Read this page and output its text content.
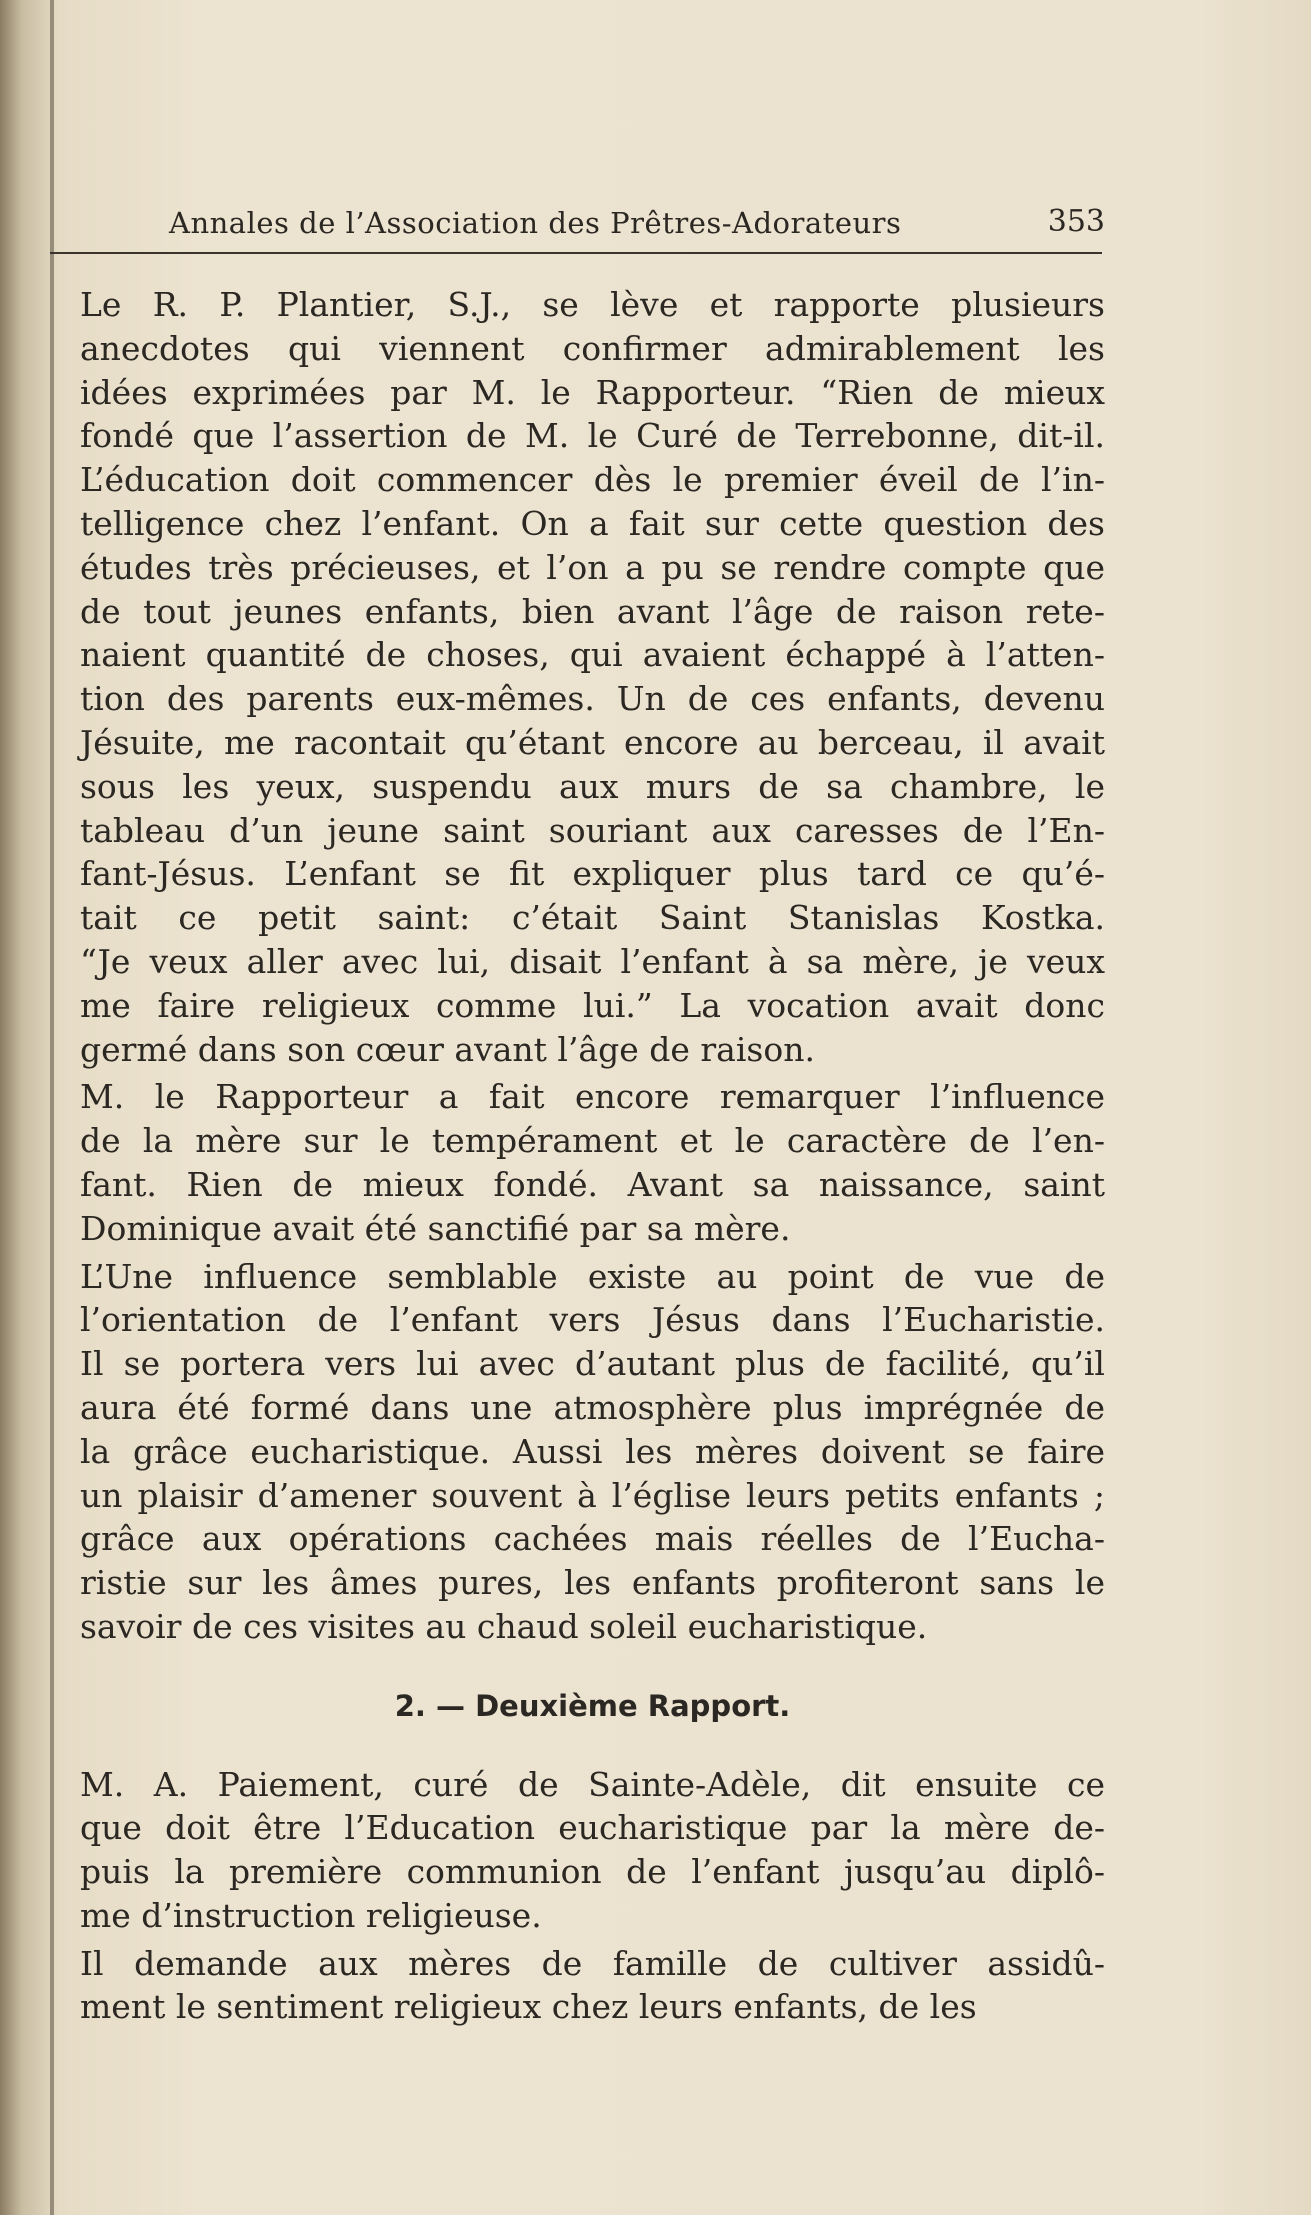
Annales de l’Association des Prêtres-Adorateurs	353
Le R. P. Plantier, S.J., se lève et rapporte plusieurs
anecdotes qui viennent confirmer admirablement les
idées exprimées par M. le Rapporteur. “Rien de mieux
fondé que l’assertion de M. le Curé de Terrebonne, dit-il.
L’éducation doit commencer dès le premier éveil de l’in-
telligence chez l’enfant. On a fait sur cette question des
études très précieuses, et l’on a pu se rendre compte que
de tout jeunes enfants, bien avant l’âge de raison rete-
naient quantité de choses, qui avaient échappé à l’atten-
tion des parents eux-mêmes. Un de ces enfants, devenu
Jésuite, me racontait qu’étant encore au berceau, il avait
sous les yeux, suspendu aux murs de sa chambre, le
tableau d’un jeune saint souriant aux caresses de l’En-
fant-Jésus. L’enfant se fit expliquer plus tard ce qu’é-
tait ce petit saint: c’était Saint Stanislas Kostka.
“Je veux aller avec lui, disait l’enfant à sa mère, je veux
me faire religieux comme lui.” La vocation avait donc
germé dans son cœur avant l’âge de raison.
M. le Rapporteur a fait encore remarquer l’influence
de la mère sur le tempérament et le caractère de l’en-
fant. Rien de mieux fondé. Avant sa naissance, saint
Dominique avait été sanctifié par sa mère.
L’Une influence semblable existe au point de vue de
l’orientation de l’enfant vers Jésus dans l’Eucharistie.
Il se portera vers lui avec d’autant plus de facilité, qu’il
aura été formé dans une atmosphère plus imprégnée de
la grâce eucharistique. Aussi les mères doivent se faire
un plaisir d’amener souvent à l’église leurs petits enfants ;
grâce aux opérations cachées mais réelles de l’Eucha-
ristie sur les âmes pures, les enfants profiteront sans le
savoir de ces visites au chaud soleil eucharistique.
2. — Deuxième Rapport.
M. A. Paiement, curé de Sainte-Adèle, dit ensuite ce
que doit être l’Education eucharistique par la mère de-
puis la première communion de l’enfant jusqu’au diplô-
me d’instruction religieuse.
Il demande aux mères de famille de cultiver assidû-
ment le sentiment religieux chez leurs enfants, de les
